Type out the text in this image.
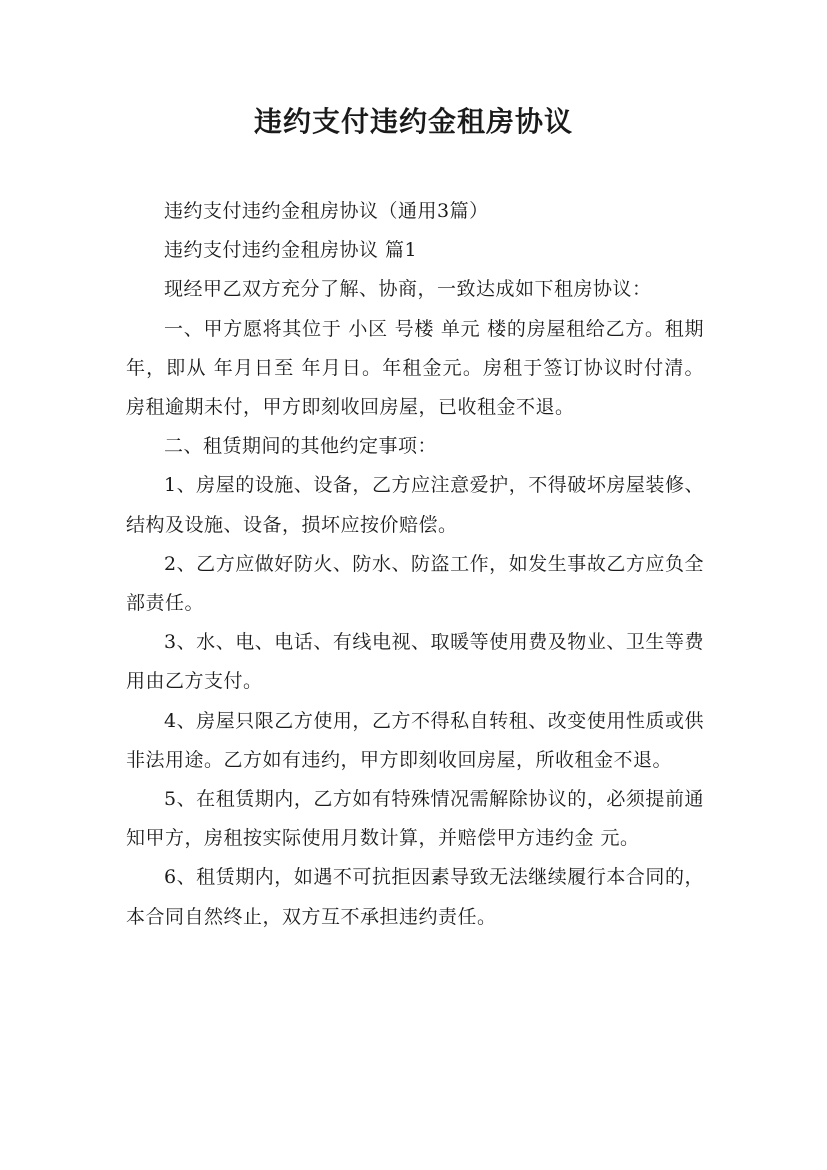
违约支付违约金租房协议

违约支付违约金租房协议（通用3篇）

违约支付违约金租房协议 篇1

现经甲乙双方充分了解、协商，一致达成如下租房协议：

一、甲方愿将其位于 小区 号楼 单元 楼的房屋租给乙方。租期年，即从 年月日至 年月日。年租金元。房租于签订协议时付清。房租逾期未付，甲方即刻收回房屋，已收租金不退。

二、租赁期间的其他约定事项：

1、房屋的设施、设备，乙方应注意爱护，不得破坏房屋装修、结构及设施、设备，损坏应按价赔偿。

2、乙方应做好防火、防水、防盗工作，如发生事故乙方应负全部责任。

3、水、电、电话、有线电视、取暖等使用费及物业、卫生等费用由乙方支付。

4、房屋只限乙方使用，乙方不得私自转租、改变使用性质或供非法用途。乙方如有违约，甲方即刻收回房屋，所收租金不退。

5、在租赁期内，乙方如有特殊情况需解除协议的，必须提前通知甲方，房租按实际使用月数计算，并赔偿甲方违约金 元。

6、租赁期内，如遇不可抗拒因素导致无法继续履行本合同的，本合同自然终止，双方互不承担违约责任。
